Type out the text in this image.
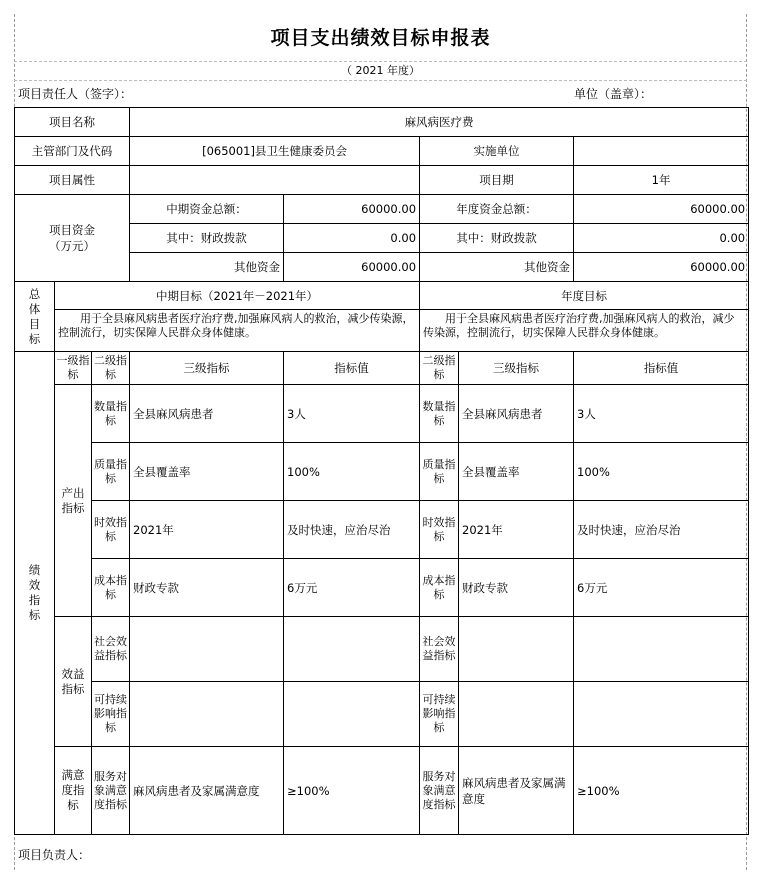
项目支出绩效目标申报表
（ 2021 年度）
项目责任人（签字）：	单位（盖章）：
项目名称			麻风病医疗费				
主管部门及代码			[065001]县卫生健康委员会		实施单位		
项目属性					项目期		1年

项目资金
（万元）			中期资金总额：	60000.00	年度资金总额：		60000.00
			其中：财政拨款	0.00	其中：财政拨款		0.00
			其他资金	60000.00	其他资金		60000.00

总体目标	中期目标（2021年－2021年）				年度目标		
	用于全县麻风病患者医疗治疗费,加强麻风病人的救治，减少传染源，控制流行，切实保障人民群众身体健康。				用于全县麻风病患者医疗治疗费,加强麻风病人的救治，减少传染源，控制流行，切实保障人民群众身体健康。		

绩效指标	一级指标	二级指标	三级指标	指标值	二级指标	三级指标	指标值

	产出指标	数量指标	全县麻风病患者	3人	数量指标	全县麻风病患者	3人
		质量指标	全县覆盖率	100%	质量指标	全县覆盖率	100%
		时效指标	2021年	及时快速，应治尽治	时效指标	2021年	及时快速，应治尽治
		成本指标	财政专款	6万元	成本指标	财政专款	6万元

	效益指标	社会效益指标			社会效益指标		
		可持续影响指标			可持续影响指标		

	满意度指标	服务对象满意度指标	麻风病患者及家属满意度	≥100%	服务对象满意度指标	麻风病患者及家属满意度	≥100%
项目负责人：
